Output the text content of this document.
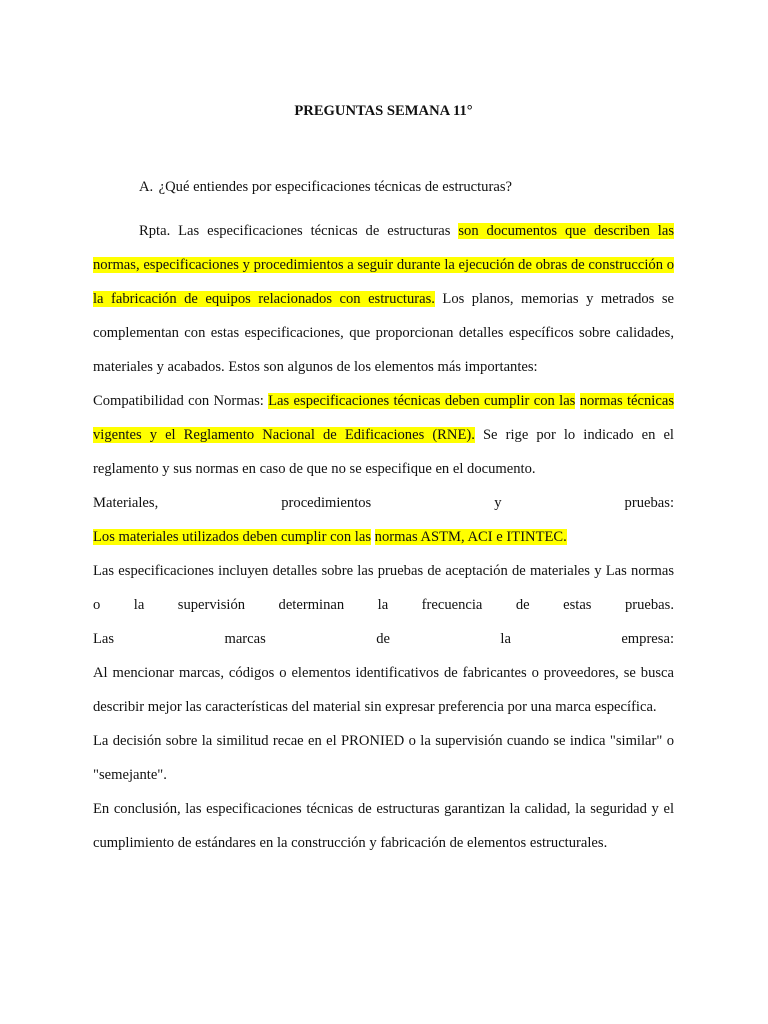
PREGUNTAS SEMANA 11°
A. ¿Qué entiendes por especificaciones técnicas de estructuras?

Rpta. Las especificaciones técnicas de estructuras son documentos que describen las normas, especificaciones y procedimientos a seguir durante la ejecución de obras de construcción o la fabricación de equipos relacionados con estructuras. Los planos, memorias y metrados se complementan con estas especificaciones, que proporcionan detalles específicos sobre calidades, materiales y acabados. Estos son algunos de los elementos más importantes:

Compatibilidad con Normas: Las especificaciones técnicas deben cumplir con las normas técnicas vigentes y el Reglamento Nacional de Edificaciones (RNE). Se rige por lo indicado en el reglamento y sus normas en caso de que no se especifique en el documento.

Materiales, procedimientos y pruebas:

Los materiales utilizados deben cumplir con las normas ASTM, ACI e ITINTEC.

Las especificaciones incluyen detalles sobre las pruebas de aceptación de materiales y Las normas o la supervisión determinan la frecuencia de estas pruebas.

Las marcas de la empresa:

Al mencionar marcas, códigos o elementos identificativos de fabricantes o proveedores, se busca describir mejor las características del material sin expresar preferencia por una marca específica.

La decisión sobre la similitud recae en el PRONIED o la supervisión cuando se indica "similar" o "semejante".

En conclusión, las especificaciones técnicas de estructuras garantizan la calidad, la seguridad y el cumplimiento de estándares en la construcción y fabricación de elementos estructurales.
